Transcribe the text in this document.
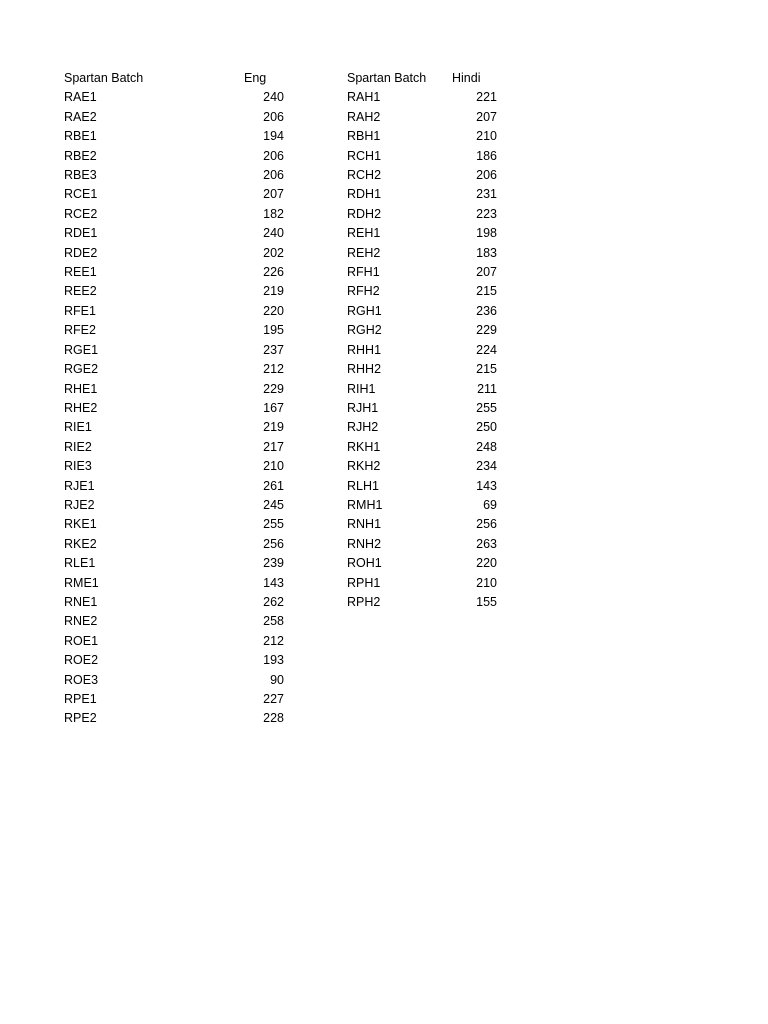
Spartan Batch	Eng
RAE1	240
RAE2	206
RBE1	194
RBE2	206
RBE3	206
RCE1	207
RCE2	182
RDE1	240
RDE2	202
REE1	226
REE2	219
RFE1	220
RFE2	195
RGE1	237
RGE2	212
RHE1	229
RHE2	167
RIE1	219
RIE2	217
RIE3	210
RJE1	261
RJE2	245
RKE1	255
RKE2	256
RLE1	239
RME1	143
RNE1	262
RNE2	258
ROE1	212
ROE2	193
ROE3	90
RPE1	227
RPE2	228
Spartan Batch	Hindi
RAH1	221
RAH2	207
RBH1	210
RCH1	186
RCH2	206
RDH1	231
RDH2	223
REH1	198
REH2	183
RFH1	207
RFH2	215
RGH1	236
RGH2	229
RHH1	224
RHH2	215
RIH1	211
RJH1	255
RJH2	250
RKH1	248
RKH2	234
RLH1	143
RMH1	69
RNH1	256
RNH2	263
ROH1	220
RPH1	210
RPH2	155
